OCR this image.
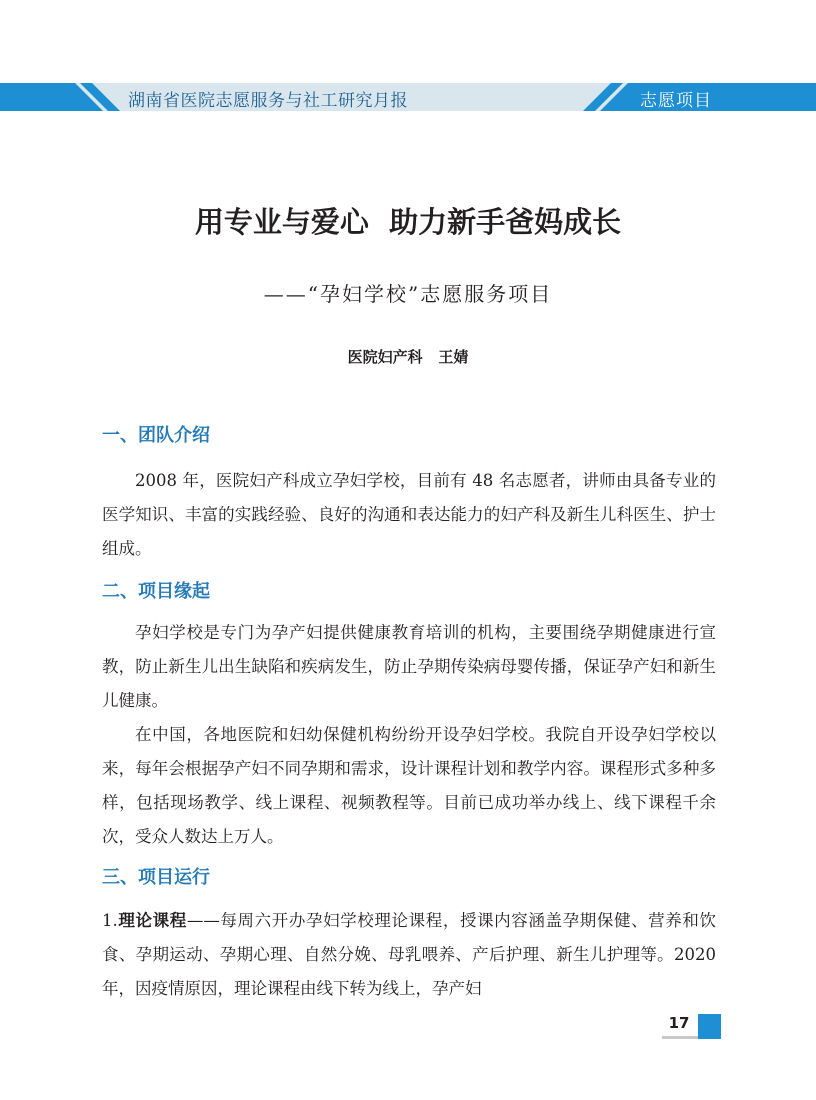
湖南省医院志愿服务与社工研究月报	志愿项目
用专业与爱心  助力新手爸妈成长
——“孕妇学校”志愿服务项目
医院妇产科   王婧
一、团队介绍

2008 年，医院妇产科成立孕妇学校，目前有 48 名志愿者，讲师由具备专业的医学知识、丰富的实践经验、良好的沟通和表达能力的妇产科及新生儿科医生、护士组成。

二、项目缘起

孕妇学校是专门为孕产妇提供健康教育培训的机构，主要围绕孕期健康进行宣教，防止新生儿出生缺陷和疾病发生，防止孕期传染病母婴传播，保证孕产妇和新生儿健康。

在中国，各地医院和妇幼保健机构纷纷开设孕妇学校。我院自开设孕妇学校以来，每年会根据孕产妇不同孕期和需求，设计课程计划和教学内容。课程形式多种多样，包括现场教学、线上课程、视频教程等。目前已成功举办线上、线下课程千余次，受众人数达上万人。

三、项目运行

1.理论课程——每周六开办孕妇学校理论课程，授课内容涵盖孕期保健、营养和饮食、孕期运动、孕期心理、自然分娩、母乳喂养、产后护理、新生儿护理等。2020 年，因疫情原因，理论课程由线下转为线上，孕产妇

17
